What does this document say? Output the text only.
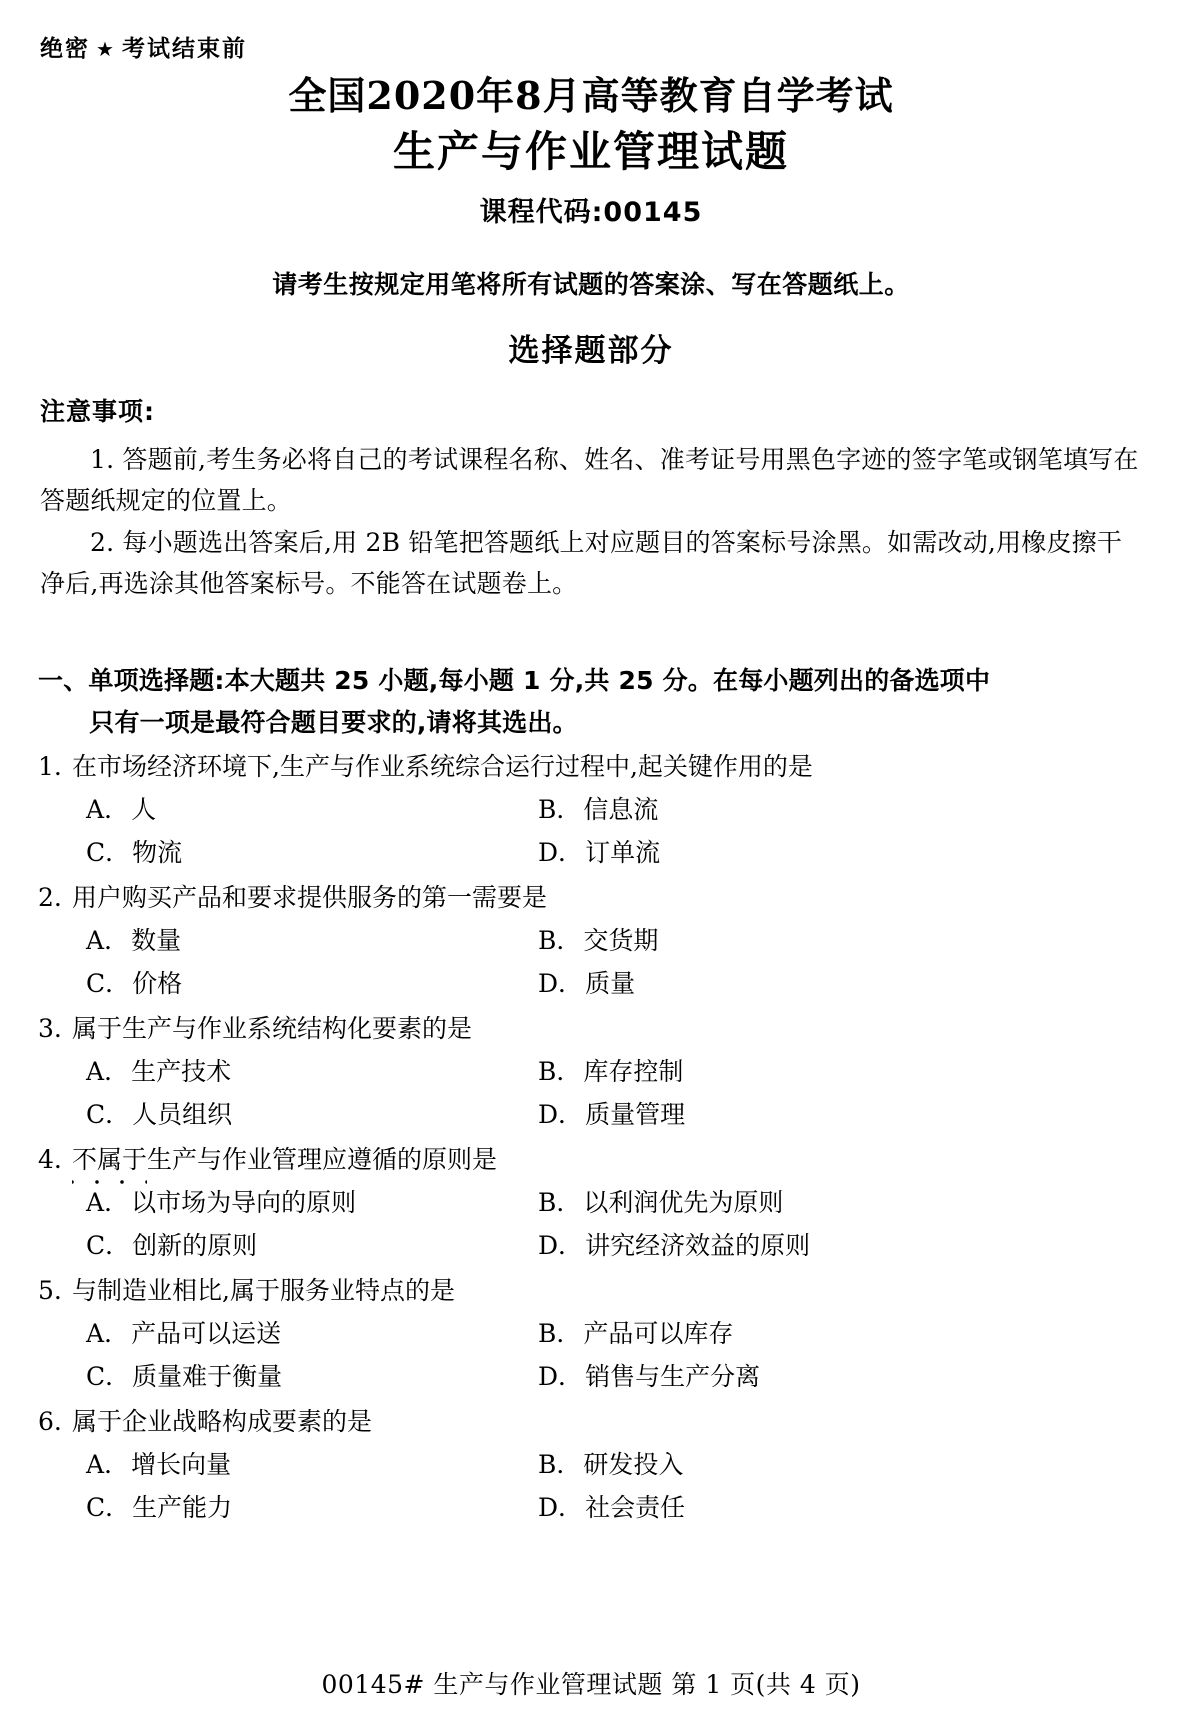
绝密 ★ 考试结束前
全国2020年8月高等教育自学考试
生产与作业管理试题
课程代码:00145
请考生按规定用笔将所有试题的答案涂、写在答题纸上。
选择题部分
注意事项:
1. 答题前,考生务必将自己的考试课程名称、姓名、准考证号用黑色字迹的签字笔或钢笔填写在答题纸规定的位置上。
2. 每小题选出答案后,用 2B 铅笔把答题纸上对应题目的答案标号涂黑。如需改动,用橡皮擦干净后,再选涂其他答案标号。不能答在试题卷上。
一、单项选择题:本大题共 25 小题,每小题 1 分,共 25 分。在每小题列出的备选项中
只有一项是最符合题目要求的,请将其选出。
1. 在市场经济环境下,生产与作业系统综合运行过程中,起关键作用的是
A ． 人	B ． 信息流
C ． 物流	D ． 订单流
2. 用户购买产品和要求提供服务的第一需要是
A ． 数量	B ． 交货期
C ． 价格	D ． 质量
3. 属于生产与作业系统结构化要素的是
A ． 生产技术	B ． 库存控制
C ． 人员组织	D ． 质量管理
4. 不属于生产与作业管理应遵循的原则是
A ． 以市场为导向的原则	B ． 以利润优先为原则
C ． 创新的原则	D ． 讲究经济效益的原则
5. 与制造业相比,属于服务业特点的是
A ． 产品可以运送	B ． 产品可以库存
C ． 质量难于衡量	D ． 销售与生产分离
6. 属于企业战略构成要素的是
A ． 增长向量	B ． 研发投入
C ． 生产能力	D ． 社会责任
00145# 生产与作业管理试题 第 1 页(共 4 页)
